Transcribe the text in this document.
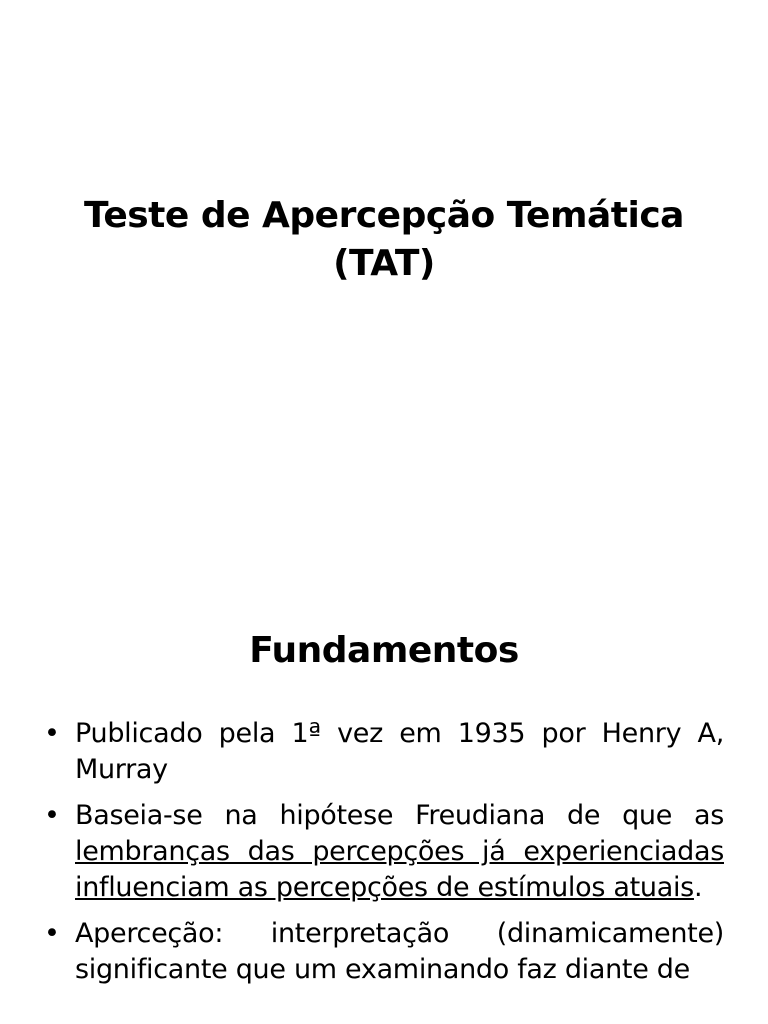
Teste de Apercepção Temática
(TAT)
Fundamentos
• Publicado pela 1ª vez em 1935 por Henry A, Murray
• Baseia-se na hipótese Freudiana de que as lembranças das percepções já experienciadas influenciam as percepções de estímulos atuais.
• Aperceção: interpretação (dinamicamente) significante que um examinando faz diante de
